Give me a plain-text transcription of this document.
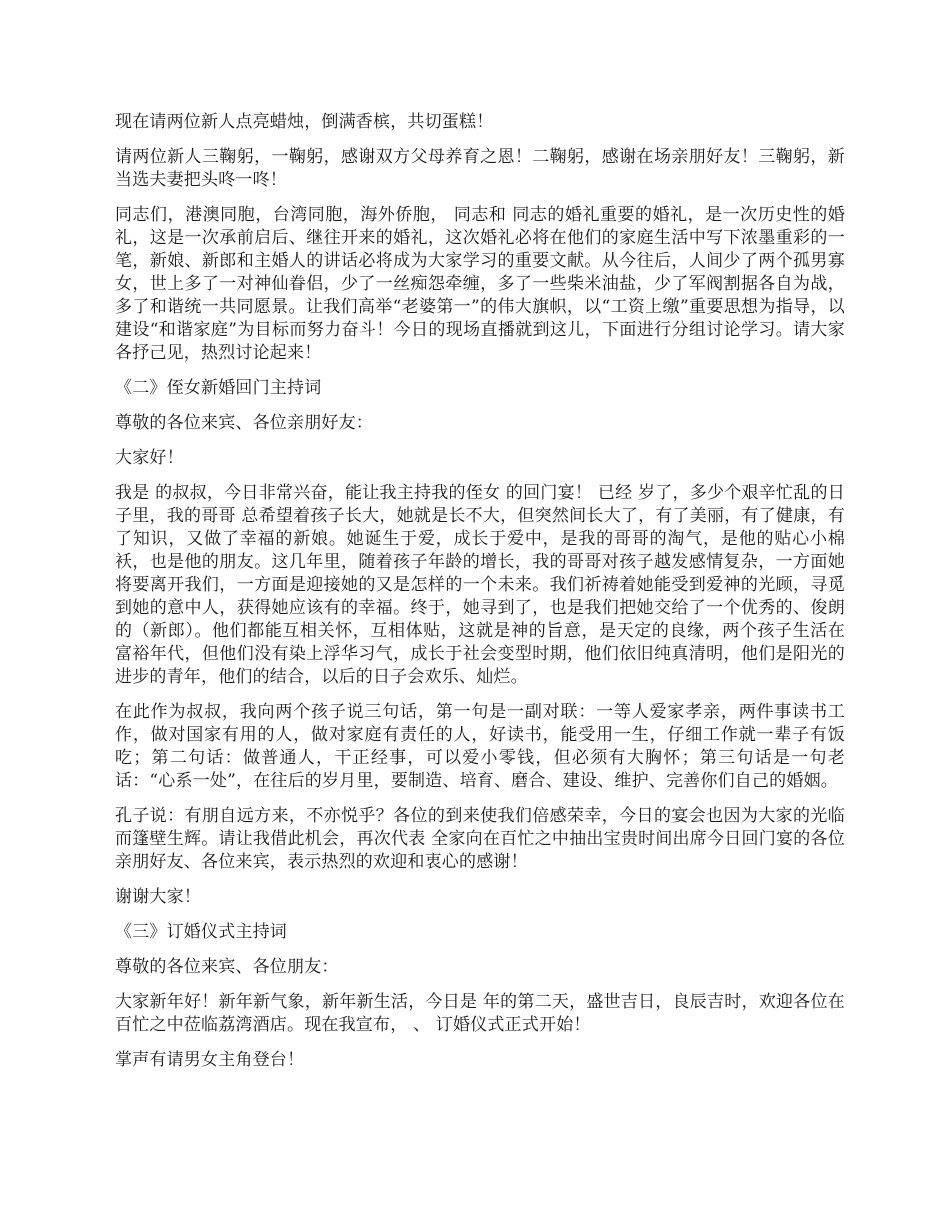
现在请两位新人点亮蜡烛，倒满香槟，共切蛋糕！

请两位新人三鞠躬，一鞠躬，感谢双方父母养育之恩！二鞠躬，感谢在场亲朋好友！三鞠躬，新当选夫妻把头咚一咚！

同志们，港澳同胞，台湾同胞，海外侨胞， 同志和 同志的婚礼重要的婚礼，是一次历史性的婚礼，这是一次承前启后、继往开来的婚礼，这次婚礼必将在他们的家庭生活中写下浓墨重彩的一笔，新娘、新郎和主婚人的讲话必将成为大家学习的重要文献。从今往后，人间少了两个孤男寡女，世上多了一对神仙眷侣，少了一丝痴怨牵缠，多了一些柴米油盐，少了军阀割据各自为战，多了和谐统一共同愿景。让我们高举“老婆第一”的伟大旗帜，以“工资上缴”重要思想为指导，以建设“和谐家庭”为目标而努力奋斗！今日的现场直播就到这儿，下面进行分组讨论学习。请大家各抒己见，热烈讨论起来！

《二》侄女新婚回门主持词

尊敬的各位来宾、各位亲朋好友：

大家好！

我是 的叔叔，今日非常兴奋，能让我主持我的侄女 的回门宴！ 已经 岁了，多少个艰辛忙乱的日子里，我的哥哥 总希望着孩子长大，她就是长不大，但突然间长大了，有了美丽，有了健康，有了知识，又做了幸福的新娘。她诞生于爱，成长于爱中，是我的哥哥的淘气，是他的贴心小棉袄，也是他的朋友。这几年里，随着孩子年龄的增长，我的哥哥对孩子越发感情复杂，一方面她将要离开我们，一方面是迎接她的又是怎样的一个未来。我们祈祷着她能受到爱神的光顾，寻觅到她的意中人，获得她应该有的幸福。终于，她寻到了，也是我们把她交给了一个优秀的、俊朗的（新郎）。他们都能互相关怀，互相体贴，这就是神的旨意，是天定的良缘，两个孩子生活在富裕年代，但他们没有染上浮华习气，成长于社会变型时期，他们依旧纯真清明，他们是阳光的进步的青年，他们的结合，以后的日子会欢乐、灿烂。

在此作为叔叔，我向两个孩子说三句话，第一句是一副对联：一等人爱家孝亲，两件事读书工作，做对国家有用的人，做对家庭有责任的人，好读书，能受用一生，仔细工作就一辈子有饭吃；第二句话：做普通人，干正经事，可以爱小零钱，但必须有大胸怀；第三句话是一句老话：“心系一处”，在往后的岁月里，要制造、培育、磨合、建设、维护、完善你们自己的婚姻。

孔子说：有朋自远方来，不亦悦乎？各位的到来使我们倍感荣幸，今日的宴会也因为大家的光临而篷壁生辉。请让我借此机会，再次代表 全家向在百忙之中抽出宝贵时间出席今日回门宴的各位亲朋好友、各位来宾，表示热烈的欢迎和衷心的感谢！

谢谢大家！

《三》订婚仪式主持词

尊敬的各位来宾、各位朋友：

大家新年好！新年新气象，新年新生活，今日是 年的第二天，盛世吉日，良辰吉时，欢迎各位在百忙之中莅临荔湾酒店。现在我宣布， 、 订婚仪式正式开始！

掌声有请男女主角登台！
